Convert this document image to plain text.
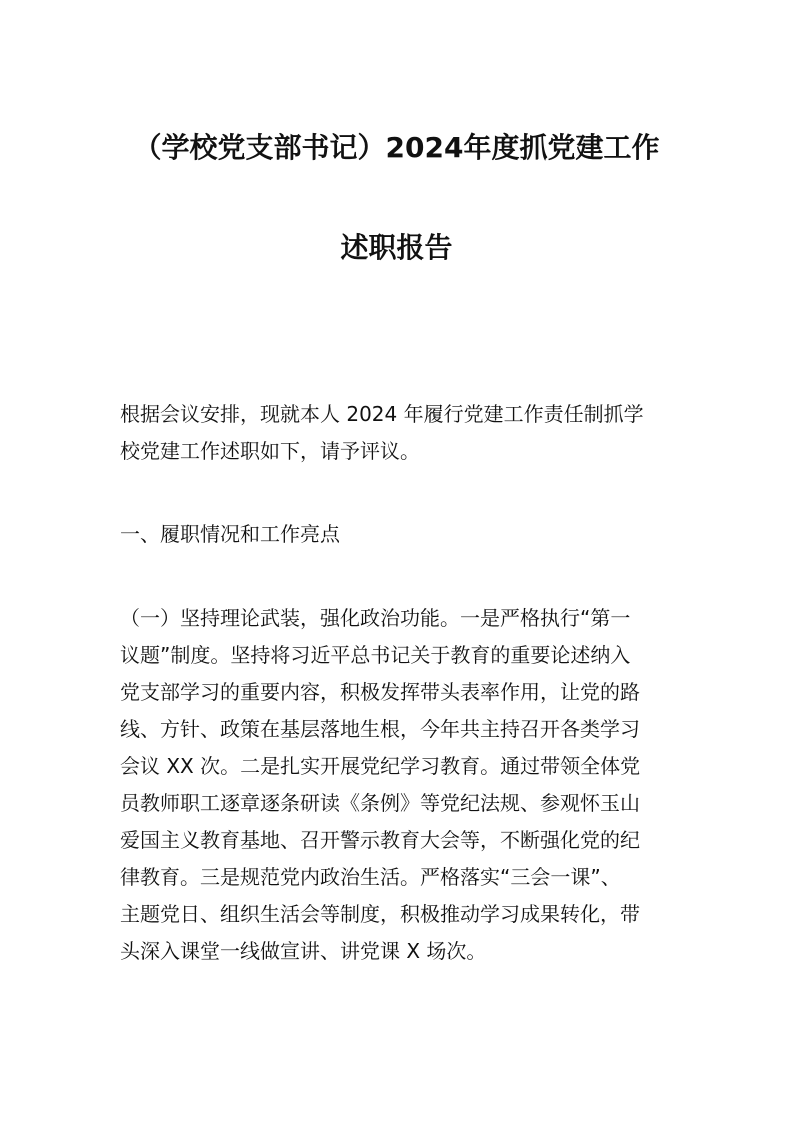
（学校党支部书记）2024年度抓党建工作
述职报告
根据会议安排，现就本人 2024 年履行党建工作责任制抓学
校党建工作述职如下，请予评议。
一、履职情况和工作亮点
（一）坚持理论武装，强化政治功能。一是严格执行“第一
议题”制度。坚持将习近平总书记关于教育的重要论述纳入
党支部学习的重要内容，积极发挥带头表率作用，让党的路
线、方针、政策在基层落地生根，今年共主持召开各类学习
会议 XX 次。二是扎实开展党纪学习教育。通过带领全体党
员教师职工逐章逐条研读《条例》等党纪法规、参观怀玉山
爱国主义教育基地、召开警示教育大会等，不断强化党的纪
律教育。三是规范党内政治生活。严格落实“三会一课”、
主题党日、组织生活会等制度，积极推动学习成果转化，带
头深入课堂一线做宣讲、讲党课 X 场次。
